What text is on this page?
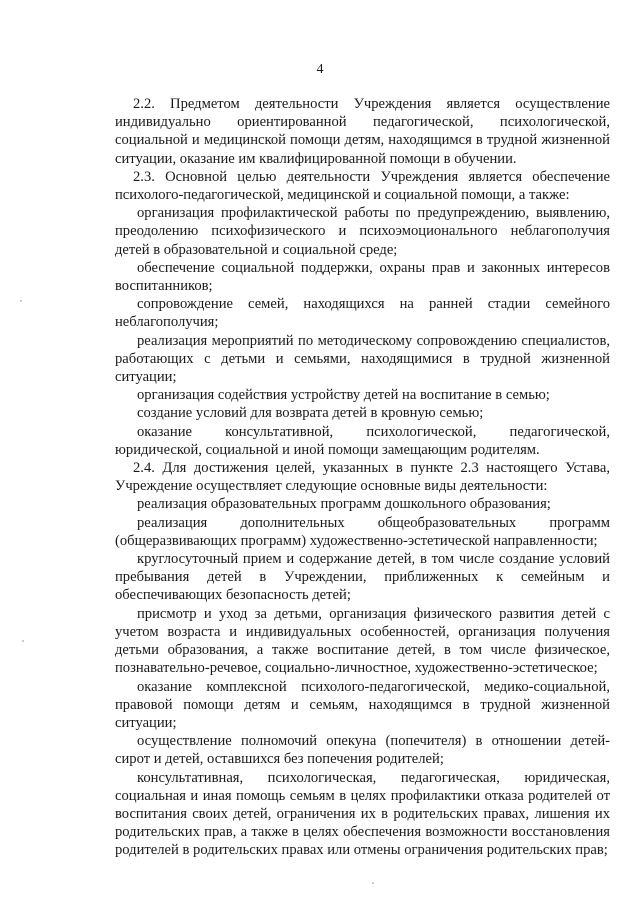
4

2.2. Предметом деятельности Учреждения является осуществление индивидуально ориентированной педагогической, психологической, социальной и медицинской помощи детям, находящимся в трудной жизненной ситуации, оказание им квалифицированной помощи в обучении.

2.3. Основной целью деятельности Учреждения является обеспечение психолого-педагогической, медицинской и социальной помощи, а также:

организация профилактической работы по предупреждению, выявлению, преодолению психофизического и психоэмоционального неблагополучия детей в образовательной и социальной среде;

обеспечение социальной поддержки, охраны прав и законных интересов воспитанников;

сопровождение семей, находящихся на ранней стадии семейного неблагополучия;

реализация мероприятий по методическому сопровождению специалистов, работающих с детьми и семьями, находящимися в трудной жизненной ситуации;

организация содействия устройству детей на воспитание в семью;

создание условий для возврата детей в кровную семью;

оказание консультативной, психологической, педагогической, юридической, социальной и иной помощи замещающим родителям.

2.4. Для достижения целей, указанных в пункте 2.3 настоящего Устава, Учреждение осуществляет следующие основные виды деятельности:

реализация образовательных программ дошкольного образования;

реализация дополнительных общеобразовательных программ (общеразвивающих программ) художественно-эстетической направленности;

круглосуточный прием и содержание детей, в том числе создание условий пребывания детей в Учреждении, приближенных к семейным и обеспечивающих безопасность детей;

присмотр и уход за детьми, организация физического развития детей с учетом возраста и индивидуальных особенностей, организация получения детьми образования, а также воспитание детей, в том числе физическое, познавательно-речевое, социально-личностное, художественно-эстетическое;

оказание комплексной психолого-педагогической, медико-социальной, правовой помощи детям и семьям, находящимся в трудной жизненной ситуации;

осуществление полномочий опекуна (попечителя) в отношении детей-сирот и детей, оставшихся без попечения родителей;

консультативная, психологическая, педагогическая, юридическая, социальная и иная помощь семьям в целях профилактики отказа родителей от воспитания своих детей, ограничения их в родительских правах, лишения их родительских прав, а также в целях обеспечения возможности восстановления родителей в родительских правах или отмены ограничения родительских прав;
